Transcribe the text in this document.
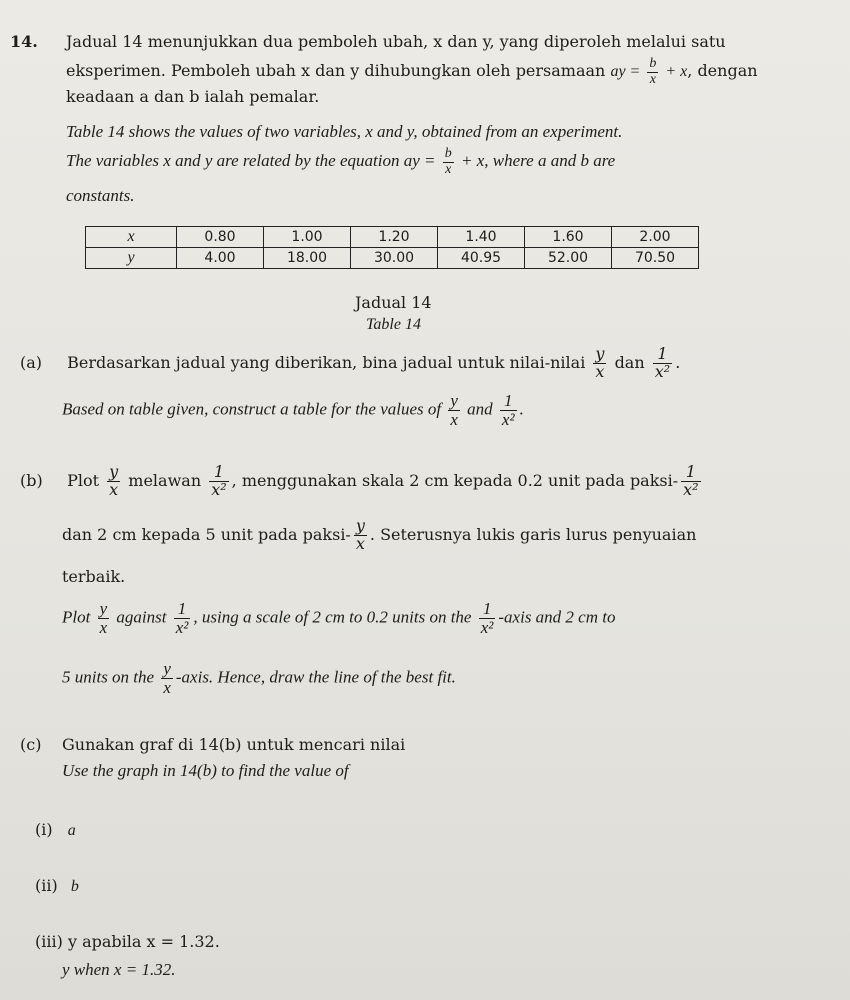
14. Jadual 14 menunjukkan dua pemboleh ubah, x dan y, yang diperoleh melalui satu
eksperimen. Pemboleh ubah x dan y dihubungkan oleh persamaan ay = $\frac{b}{x} + x$, dengan
keadaan a dan b ialah pemalar.
Table 14 shows the values of two variables, x and y, obtained from an experiment.
The variables x and y are related by the equation ay = $\frac{b}{x} + x$, where a and b are
constants.
x	0.80	1.00	1.20	1.40	1.60	2.00
y	4.00	18.00	30.00	40.95	52.00	70.50
Jadual 14
Table 14
(a) Berdasarkan jadual yang diberikan, bina jadual untuk nilai-nilai $\frac{y}{x}$ dan $\frac{1}{\text{x²}}$ .
Based on table given, construct a table for the values of $\frac{y}{x}$ and $\frac{1}{\text{x²}}$ .
(b) Plot $\frac{y}{x}$ melawan $\frac{1}{\text{x²}}$ , menggunakan skala 2 cm kepada 0.2 unit pada paksi- $\frac{1}{\text{x²}}$
dan 2 cm kepada 5 unit pada paksi- $\frac{y}{x}$ . Seterusnya lukis garis lurus penyuaian
terbaik.
Plot $\frac{y}{x}$ against $\frac{1}{\text{x²}}$ , using a scale of 2 cm to 0.2 units on the $\frac{1}{\text{x²}}$ -axis and 2 cm to
5 units on the $\frac{y}{x}$ -axis. Hence, draw the line of the best fit.
(c) Gunakan graf di 14(b) untuk mencari nilai
Use the graph in 14(b) to find the value of
(i) a
(ii) b
(iii) y apabila x = 1.32.
y when x = 1.32.
